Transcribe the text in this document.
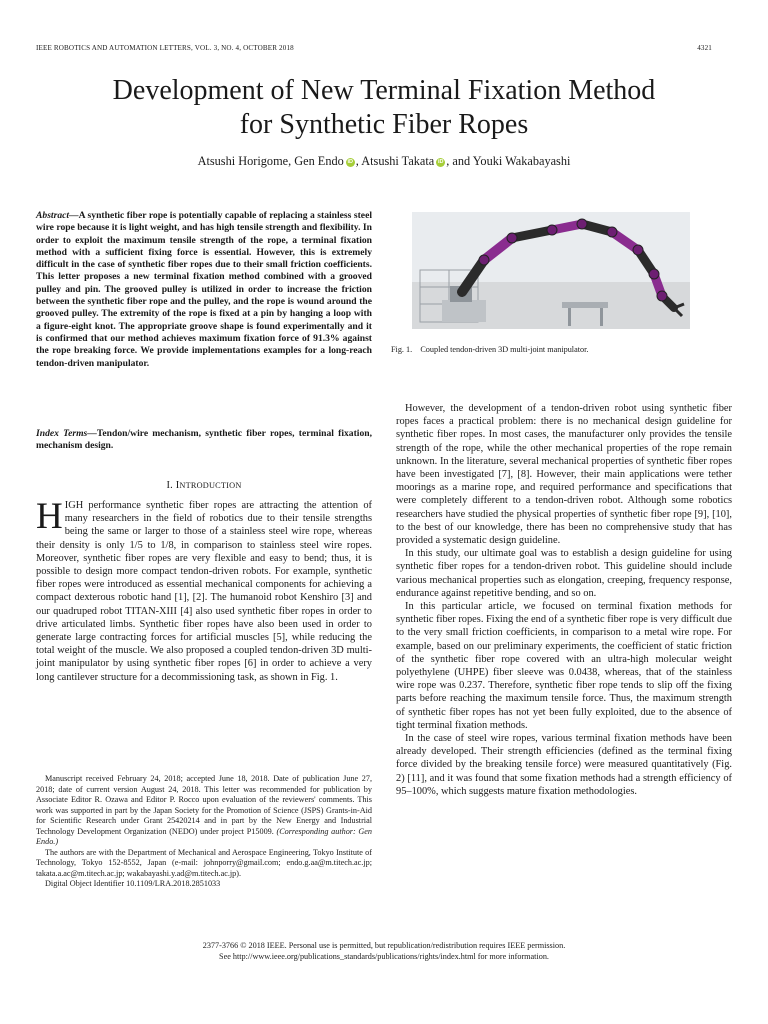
IEEE ROBOTICS AND AUTOMATION LETTERS, VOL. 3, NO. 4, OCTOBER 2018	4321
Development of New Terminal Fixation Method
for Synthetic Fiber Ropes
Atsushi Horigome, Gen Endo iD , Atsushi Takata iD , and Youki Wakabayashi
Abstract—A synthetic fiber rope is potentially capable of replacing a stainless steel wire rope because it is light weight, and has high tensile strength and flexibility. In order to exploit the maximum tensile strength of the rope, a terminal fixation method with a sufficient fixing force is essential. However, this is extremely difficult in the case of synthetic fiber ropes due to their small friction coefficients. This letter proposes a new terminal fixation method combined with a grooved pulley and pin. The grooved pulley is utilized in order to increase the friction between the synthetic fiber rope and the pulley, and the rope is wound around the grooved pulley. The extremity of the rope is fixed at a pin by hanging a loop with a figure-eight knot. The appropriate groove shape is found experimentally and it is confirmed that our method achieves maximum fixation force of 91.3% against the rope breaking force. We provide implementations examples for a long-reach tendon-driven manipulator.
Index Terms—Tendon/wire mechanism, synthetic fiber ropes, terminal fixation, mechanism design.
I. INTRODUCTION
HIGH performance synthetic fiber ropes are attracting the attention of many researchers in the field of robotics due to their tensile strengths being the same or larger to those of a stainless steel wire rope, whereas their density is only 1/5 to 1/8, in comparison to stainless steel wire ropes. Moreover, synthetic fiber ropes are very flexible and easy to bend; thus, it is possible to design more compact tendon-driven robots. For example, synthetic fiber ropes were introduced as essential mechanical components for achieving a compact dexterous robotic hand [1], [2]. The humanoid robot Kenshiro [3] and our quadruped robot TITAN-XIII [4] also used synthetic fiber ropes in order to drive articulated limbs. Synthetic fiber ropes have also been used in order to generate large contracting forces for artificial muscles [5], while reducing the total weight of the muscle. We also proposed a coupled tendon-driven 3D multi-joint manipulator by using synthetic fiber ropes [6] in order to achieve a very long cantilever structure for a decommissioning task, as shown in Fig. 1.

Manuscript received February 24, 2018; accepted June 18, 2018. Date of publication June 27, 2018; date of current version August 24, 2018. This letter was recommended for publication by Associate Editor R. Ozawa and Editor P. Rocco upon evaluation of the reviewers' comments. This work was supported in part by the Japan Society for the Promotion of Science (JSPS) Grants-in-Aid for Scientific Research under Grant 25420214 and in part by the New Energy and Industrial Technology Development Organization (NEDO) under project P15009. (Corresponding author: Gen Endo.)

The authors are with the Department of Mechanical and Aerospace Engineering, Tokyo Institute of Technology, Tokyo 152-8552, Japan (e-mail: johnporry@gmail.com; endo.g.aa@m.titech.ac.jp; takata.a.ac@m.titech.ac.jp; wakabayashi.y.ad@m.titech.ac.jp).

Digital Object Identifier 10.1109/LRA.2018.2851033

Fig. 1.    Coupled tendon-driven 3D multi-joint manipulator.

However, the development of a tendon-driven robot using synthetic fiber ropes faces a practical problem: there is no mechanical design guideline for synthetic fiber ropes. In most cases, the manufacturer only provides the tensile strength of the rope, while the other mechanical properties of the rope remain unknown. In the literature, several mechanical properties of synthetic fiber ropes have been investigated [7], [8]. However, their main applications were tether moorings as a marine rope, and required performance and specifications that were completely different to a tendon-driven robot. Although some robotics researchers have studied the physical properties of synthetic fiber rope [9], [10], to the best of our knowledge, there has been no comprehensive study that has provided a systematic design guideline.

In this study, our ultimate goal was to establish a design guideline for using synthetic fiber ropes for a tendon-driven robot. This guideline should include various mechanical properties such as elongation, creeping, frequency response, endurance against repetitive bending, and so on.

In this particular article, we focused on terminal fixation methods for synthetic fiber ropes. Fixing the end of a synthetic fiber rope is very difficult due to the very small friction coefficients, in comparison to a metal wire rope. For example, based on our preliminary experiments, the coefficient of static friction of the synthetic fiber rope covered with an ultra-high molecular weight polyethylene (UHPE) fiber sleeve was 0.0438, whereas, that of the stainless wire rope was 0.237. Therefore, synthetic fiber rope tends to slip off the fixing parts before reaching the maximum tensile force. Thus, the maximum strength of synthetic fiber ropes has not yet been fully exploited, due to the absence of tight terminal fixation methods.

In the case of steel wire ropes, various terminal fixation methods have been already developed. Their strength efficiencies (defined as the terminal fixing force divided by the breaking tensile force) were measured quantitatively (Fig. 2) [11], and it was found that some fixation methods had a strength efficiency of 95–100%, which suggests mature fixation methodologies.

2377-3766 © 2018 IEEE. Personal use is permitted, but republication/redistribution requires IEEE permission.
See http://www.ieee.org/publications_standards/publications/rights/index.html for more information.
